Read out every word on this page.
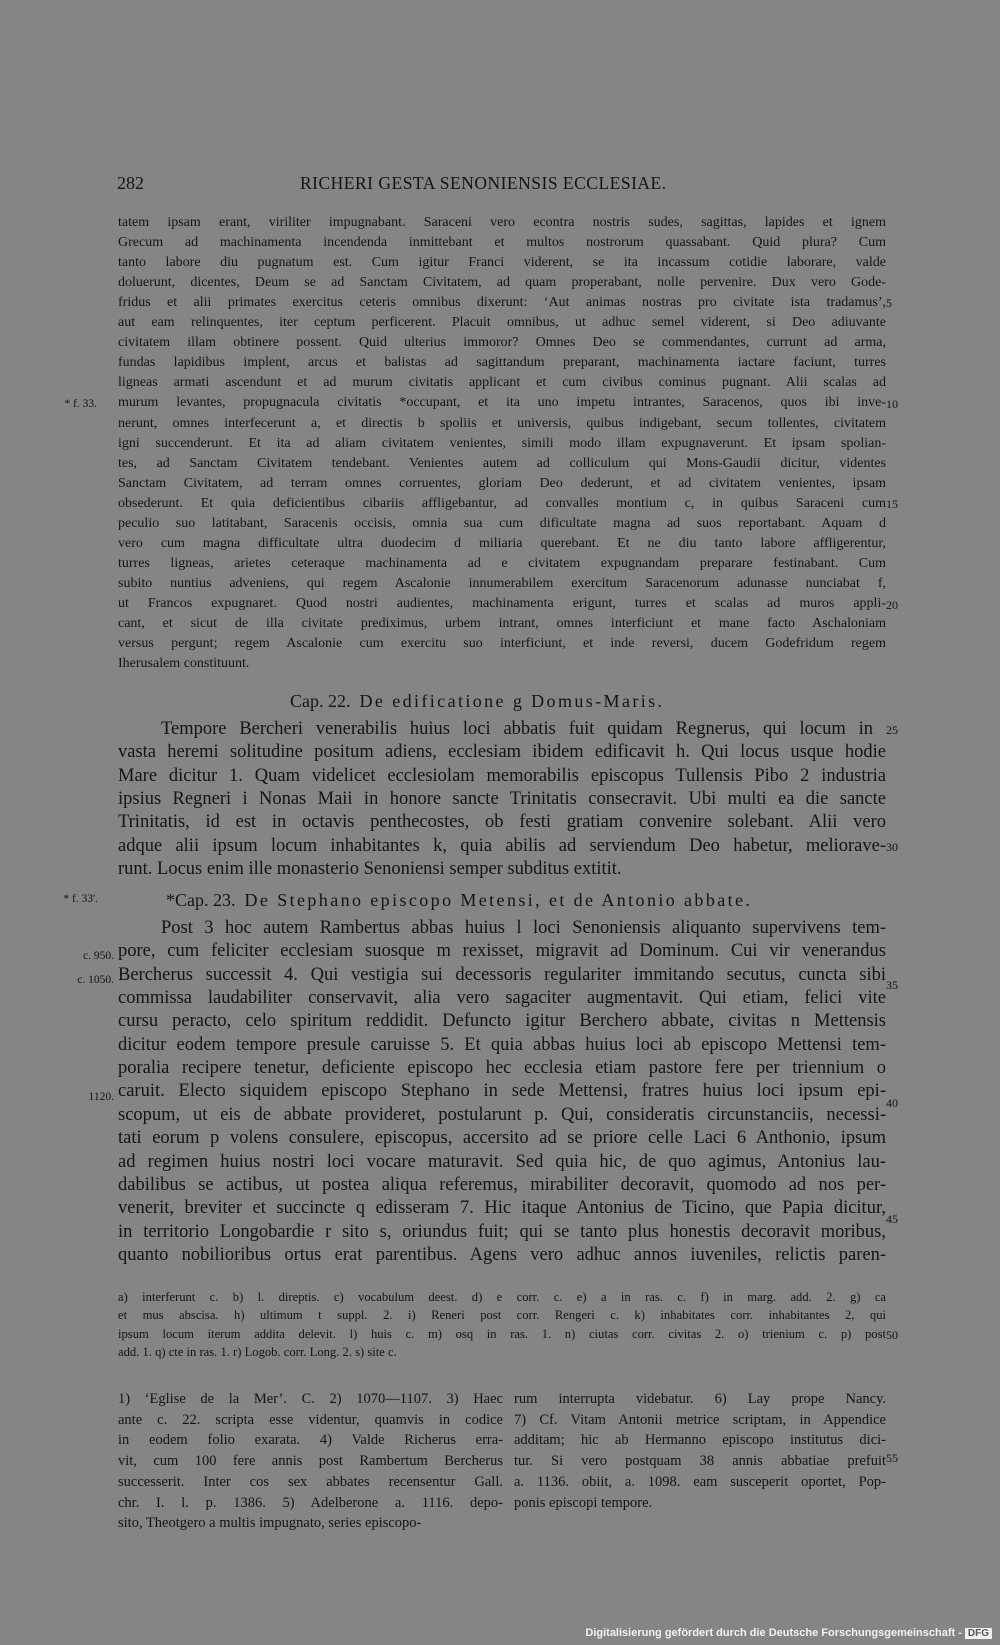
282	RICHERI GESTA SENONIENSIS ECCLESIAE.
tatem ipsam erant, viriliter impugnabant. Saraceni vero econtra nostris sudes, sagittas, lapides et ignem
Grecum ad machinamenta incendenda inmittebant et multos nostrorum quassabant. Quid plura? Cum
tanto labore diu pugnatum est. Cum igitur Franci viderent, se ita incassum cotidie laborare, valde
doluerunt, dicentes, Deum se ad Sanctam Civitatem, ad quam properabant, nolle pervenire. Dux vero Gode-
fridus et alii primates exercitus ceteris omnibus dixerunt: ‘Aut animas nostras pro civitate ista tradamus’,
aut eam relinquentes, iter ceptum perficerent. Placuit omnibus, ut adhuc semel viderent, si Deo adiuvante
civitatem illam obtinere possent. Quid ulterius immoror? Omnes Deo se commendantes, currunt ad arma,
fundas lapidibus implent, arcus et balistas ad sagittandum preparant, machinamenta iactare faciunt, turres
ligneas armati ascendunt et ad murum civitatis applicant et cum civibus cominus pugnant. Alii scalas ad
murum levantes, propugnacula civitatis *occupant, et ita uno impetu intrantes, Saracenos, quos ibi inve-
nerunt, omnes interfecerunt a, et directis b spoliis et universis, quibus indigebant, secum tollentes, civitatem
igni succenderunt. Et ita ad aliam civitatem venientes, simili modo illam expugnaverunt. Et ipsam spolian-
tes, ad Sanctam Civitatem tendebant. Venientes autem ad colliculum qui Mons-Gaudii dicitur, videntes
Sanctam Civitatem, ad terram omnes corruentes, gloriam Deo dederunt, et ad civitatem venientes, ipsam
obsederunt. Et quia deficientibus cibariis affligebantur, ad convalles montium c, in quibus Saraceni cum
peculio suo latitabant, Saracenis occisis, omnia sua cum dificultate magna ad suos reportabant. Aquam d
vero cum magna difficultate ultra duodecim d miliaria querebant. Et ne diu tanto labore affligerentur,
turres ligneas, arietes ceteraque machinamenta ad e civitatem expugnandam preparare festinabant. Cum
subito nuntius adveniens, qui regem Ascalonie innumerabilem exercitum Saracenorum adunasse nunciabat f,
ut Francos expugnaret. Quod nostri audientes, machinamenta erigunt, turres et scalas ad muros appli-
cant, et sicut de illa civitate prediximus, urbem intrant, omnes interficiunt et mane facto Aschaloniam
versus pergunt; regem Ascalonie cum exercitu suo interficiunt, et inde reversi, ducem Godefridum regem
Iherusalem constituunt.
5
10
15
20
* f. 33.
Cap. 22. De edificatione g Domus-Maris.
Tempore Bercheri venerabilis huius loci abbatis fuit quidam Regnerus, qui locum in
vasta heremi solitudine positum adiens, ecclesiam ibidem edificavit h. Qui locus usque hodie
Mare dicitur 1. Quam videlicet ecclesiolam memorabilis episcopus Tullensis Pibo 2 industria
ipsius Regneri i Nonas Maii in honore sancte Trinitatis consecravit. Ubi multi ea die sancte
Trinitatis, id est in octavis penthecostes, ob festi gratiam convenire solebant. Alii vero
adque alii ipsum locum inhabitantes k, quia abilis ad serviendum Deo habetur, meliorave-
runt. Locus enim ille monasterio Senoniensi semper subditus extitit.
25
30
* f. 33'.	*Cap. 23. De Stephano episcopo Metensi, et de Antonio abbate.
Post 3 hoc autem Rambertus abbas huius l loci Senoniensis aliquanto supervivens tem-
pore, cum feliciter ecclesiam suosque m rexisset, migravit ad Dominum. Cui vir venerandus
Bercherus successit 4. Qui vestigia sui decessoris regulariter immitando secutus, cuncta sibi
commissa laudabiliter conservavit, alia vero sagaciter augmentavit. Qui etiam, felici vite
cursu peracto, celo spiritum reddidit. Defuncto igitur Berchero abbate, civitas n Mettensis
dicitur eodem tempore presule caruisse 5. Et quia abbas huius loci ab episcopo Mettensi tem-
poralia recipere tenetur, deficiente episcopo hec ecclesia etiam pastore fere per triennium o
caruit. Electo siquidem episcopo Stephano in sede Mettensi, fratres huius loci ipsum epi-
scopum, ut eis de abbate provideret, postularunt p. Qui, consideratis circunstanciis, necessi-
tati eorum p volens consulere, episcopus, accersito ad se priore celle Laci 6 Anthonio, ipsum
ad regimen huius nostri loci vocare maturavit. Sed quia hic, de quo agimus, Antonius lau-
dabilibus se actibus, ut postea aliqua referemus, mirabiliter decoravit, quomodo ad nos per-
venerit, breviter et succincte q edisseram 7. Hic itaque Antonius de Ticino, que Papia dicitur,
in territorio Longobardie r sito s, oriundus fuit; qui se tanto plus honestis decoravit moribus,
quanto nobilioribus ortus erat parentibus. Agens vero adhuc annos iuveniles, relictis paren-
c. 950.
c. 1050.
1120.
35
40
45
a) interferunt c. b) l. direptis. c) vocabulum deest. d) e corr. c. e) a in ras. c. f) in marg. add. 2. g) ca
et mus abscisa. h) ultimum t suppl. 2. i) Reneri post corr. Rengeri c. k) inhabitates corr. inhabitantes 2, qui
ipsum locum iterum addita delevit. l) huis c. m) osq in ras. 1. n) ciutas corr. civitas 2. o) trienium c. p) post
add. 1. q) cte in ras. 1. r) Logob. corr. Long. 2. s) site c.
50
1) ‘Eglise de la Mer’. C. 2) 1070—1107. 3) Haec
ante c. 22. scripta esse videntur, quamvis in codice
in eodem folio exarata. 4) Valde Richerus erra-
vit, cum 100 fere annis post Rambertum Bercherus
successerit. Inter cos sex abbates recensentur Gall.
chr. I. l. p. 1386. 5) Adelberone a. 1116. depo-
sito, Theotgero a multis impugnato, series episcopo-
rum interrupta videbatur. 6) Lay prope Nancy.
7) Cf. Vitam Antonii metrice scriptam, in Appendice
additam; hic ab Hermanno episcopo institutus dici-
tur. Si vero postquam 38 annis abbatiae prefuit
a. 1136. obiit, a. 1098. eam susceperit oportet, Pop-
ponis episcopi tempore.
55
Digitalisierung gefördert durch die Deutsche Forschungsgemeinschaft - DFG
